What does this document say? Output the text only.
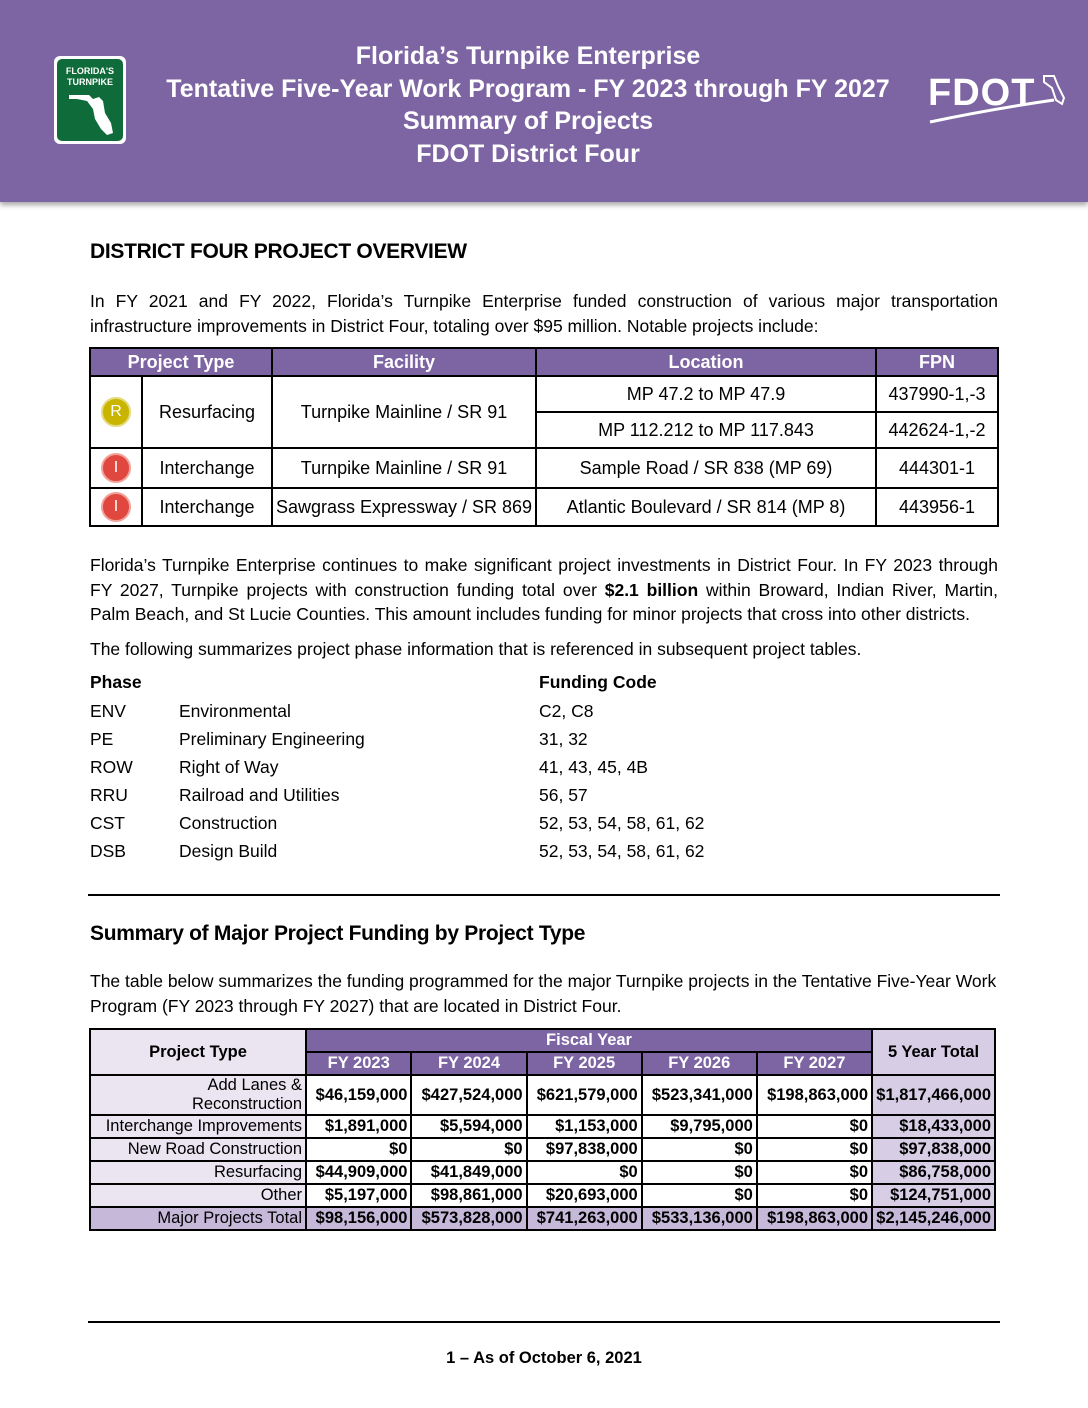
FLORIDA'S
TURNPIKE
Florida’s Turnpike Enterprise
Tentative Five-Year Work Program - FY 2023 through FY 2027
Summary of Projects
FDOT District Four
FDOT
DISTRICT FOUR PROJECT OVERVIEW

In FY 2021 and FY 2022, Florida’s Turnpike Enterprise funded construction of various major transportation infrastructure improvements in District Four, totaling over $95 million. Notable projects include:

Project Type		Facility	Location	FPN
R	Resurfacing	Turnpike Mainline / SR 91	MP 47.2 to MP 47.9	437990-1,-3
			MP 112.212 to MP 117.843	442624-1,-2
I	Interchange	Turnpike Mainline / SR 91	Sample Road / SR 838 (MP 69)	444301-1
I	Interchange	Sawgrass Expressway / SR 869	Atlantic Boulevard / SR 814 (MP 8)	443956-1

Florida’s Turnpike Enterprise continues to make significant project investments in District Four. In FY 2023 through FY 2027, Turnpike projects with construction funding total over $2.1 billion within Broward, Indian River, Martin, Palm Beach, and St Lucie Counties. This amount includes funding for minor projects that cross into other districts.

The following summarizes project phase information that is referenced in subsequent project tables.

Phase	Funding Code
ENV	Environmental	C2, C8
PE	Preliminary Engineering	31, 32
ROW	Right of Way	41, 43, 45, 4B
RRU	Railroad and Utilities	56, 57
CST	Construction	52, 53, 54, 58, 61, 62
DSB	Design Build	52, 53, 54, 58, 61, 62
Summary of Major Project Funding by Project Type

The table below summarizes the funding programmed for the major Turnpike projects in the Tentative Five-Year Work Program (FY 2023 through FY 2027) that are located in District Four.

Project Type	Fiscal Year					5 Year Total
	FY 2023	FY 2024	FY 2025	FY 2026	FY 2027	
Add Lanes & Reconstruction	$46,159,000	$427,524,000	$621,579,000	$523,341,000	$198,863,000	$1,817,466,000
Interchange Improvements	$1,891,000	$5,594,000	$1,153,000	$9,795,000	$0	$18,433,000
New Road Construction	$0	$0	$97,838,000	$0	$0	$97,838,000
Resurfacing	$44,909,000	$41,849,000	$0	$0	$0	$86,758,000
Other	$5,197,000	$98,861,000	$20,693,000	$0	$0	$124,751,000
Major Projects Total	$98,156,000	$573,828,000	$741,263,000	$533,136,000	$198,863,000	$2,145,246,000
1 – As of October 6, 2021
